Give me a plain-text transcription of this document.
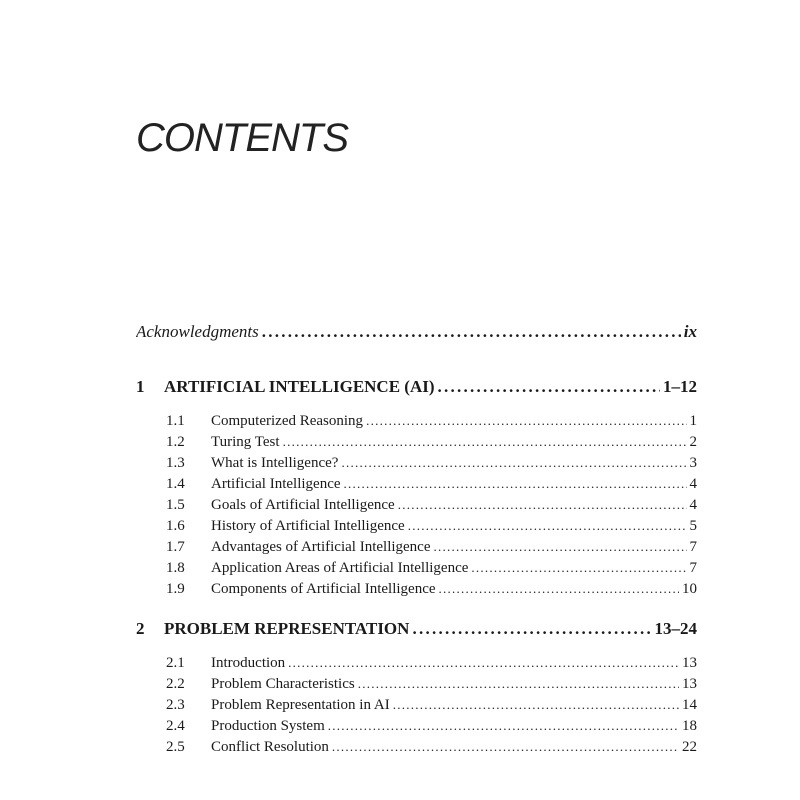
CONTENTS
Acknowledgments . . .	ix
1	ARTIFICIAL INTELLIGENCE (AI) . . .	1–12
1.1	Computerized Reasoning . . .	1
1.2	Turing Test . . .	2
1.3	What is Intelligence? . . .	3
1.4	Artificial Intelligence . . .	4
1.5	Goals of Artificial Intelligence . . .	4
1.6	History of Artificial Intelligence . . .	5
1.7	Advantages of Artificial Intelligence . . .	7
1.8	Application Areas of Artificial Intelligence . . .	7
1.9	Components of Artificial Intelligence . . .	10
2	PROBLEM REPRESENTATION . . .	13–24
2.1	Introduction . . .	13
2.2	Problem Characteristics . . .	13
2.3	Problem Representation in AI . . .	14
2.4	Production System . . .	18
2.5	Conflict Resolution . . .	22
